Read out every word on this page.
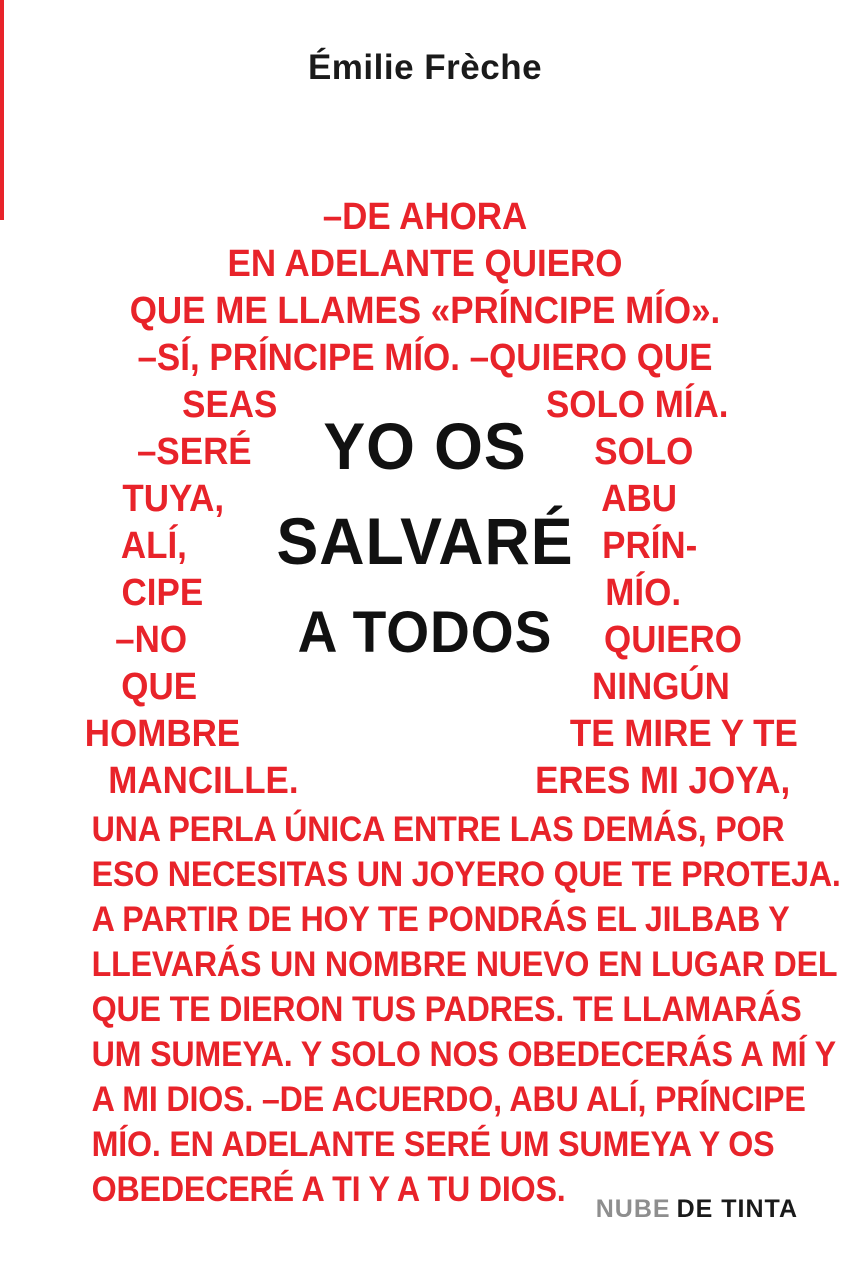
Émilie Frèche
–DE AHORA
EN ADELANTE QUIERO
QUE ME LLAMES «PRÍNCIPE MÍO».
–SÍ, PRÍNCIPE MÍO. –QUIERO QUE
SEAS
–SERÉ
TUYA,
ALÍ,
CIPE
–NO
QUE
HOMBRE
MANCILLE.
SOLO MÍA.
SOLO
ABU
PRÍN-
MÍO.
QUIERO
NINGÚN
TE MIRE Y TE
ERES MI JOYA,
UNA PERLA ÚNICA ENTRE LAS DEMÁS, POR
ESO NECESITAS UN JOYERO QUE TE PROTEJA.
A PARTIR DE HOY TE PONDRÁS EL JILBAB Y
LLEVARÁS UN NOMBRE NUEVO EN LUGAR DEL
QUE TE DIERON TUS PADRES. TE LLAMARÁS
UM SUMEYA. Y SOLO NOS OBEDECERÁS A MÍ Y
A MI DIOS. –DE ACUERDO, ABU ALÍ, PRÍNCIPE
MÍO. EN ADELANTE SERÉ UM SUMEYA Y OS
OBEDECERÉ A TI Y A TU DIOS.
YO OS
SALVARÉ
A TODOS
NUBE DE TINTA
